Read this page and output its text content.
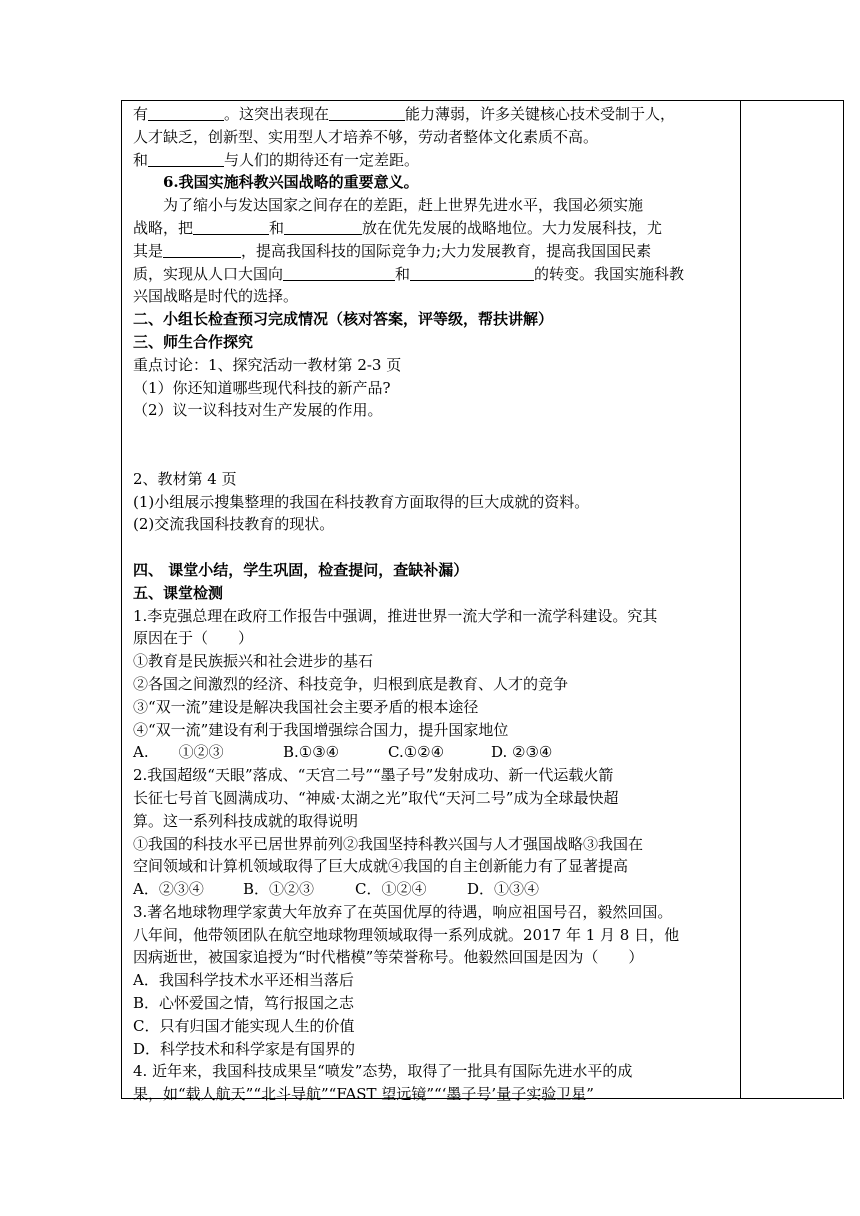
有	。这突出表现在	能力薄弱，许多关键核心技术受制于人，
人才缺乏，创新型、实用型人才培养不够，劳动者整体文化素质不高。
和	与人们的期待还有一定差距。
6.我国实施科教兴国战略的重要意义。
为了缩小与发达国家之间存在的差距，赶上世界先进水平，我国必须实施
战略，把	和	放在优先发展的战略地位。大力发展科技，尤
其是	，提高我国科技的国际竞争力;大力发展教育，提高我国国民素
质，实现从人口大国向	和	的转变。我国实施科教
兴国战略是时代的选择。
二、小组长检查预习完成情况（核对答案，评等级，帮扶讲解）
三、师生合作探究
重点讨论：1、探究活动一教材第 2-3 页
（1）你还知道哪些现代科技的新产品?
（2）议一议科技对生产发展的作用。
2、教材第 4 页
(1)小组展示搜集整理的我国在科技教育方面取得的巨大成就的资料。
(2)交流我国科技教育的现状。
四、 课堂小结，学生巩固，检查提问，查缺补漏）
五、课堂检测
1.李克强总理在政府工作报告中强调，推进世界一流大学和一流学科建设。究其
原因在于（　　）
①教育是民族振兴和社会进步的基石
②各国之间激烈的经济、科技竞争，归根到底是教育、人才的竞争
③“双一流”建设是解决我国社会主要矛盾的根本途径
④“双一流”建设有利于我国增强综合国力，提升国家地位
A.　　①②③	B.①③④	C.①②④	D. ②③④
2.我国超级“天眼”落成、“天宫二号”“墨子号”发射成功、新一代运载火箭
长征七号首飞圆满成功、“神威·太湖之光”取代“天河二号”成为全球最快超
算。这一系列科技成就的取得说明
①我国的科技水平已居世界前列②我国坚持科教兴国与人才强国战略③我国在
空间领域和计算机领域取得了巨大成就④我国的自主创新能力有了显著提高
A．②③④	B．①②③	C．①②④	D．①③④
3.著名地球物理学家黄大年放弃了在英国优厚的待遇，响应祖国号召，毅然回国。
八年间，他带领团队在航空地球物理领域取得一系列成就。2017 年 1 月 8 日，他
因病逝世，被国家追授为“时代楷模”等荣誉称号。他毅然回国是因为（　　）
A．我国科学技术水平还相当落后
B．心怀爱国之情，笃行报国之志
C．只有归国才能实现人生的价值
D．科学技术和科学家是有国界的
4. 近年来，我国科技成果呈“喷发”态势，取得了一批具有国际先进水平的成
果，如“载人航天”“北斗导航”“FAST 望远镜”“‘墨子号’量子实验卫星”
